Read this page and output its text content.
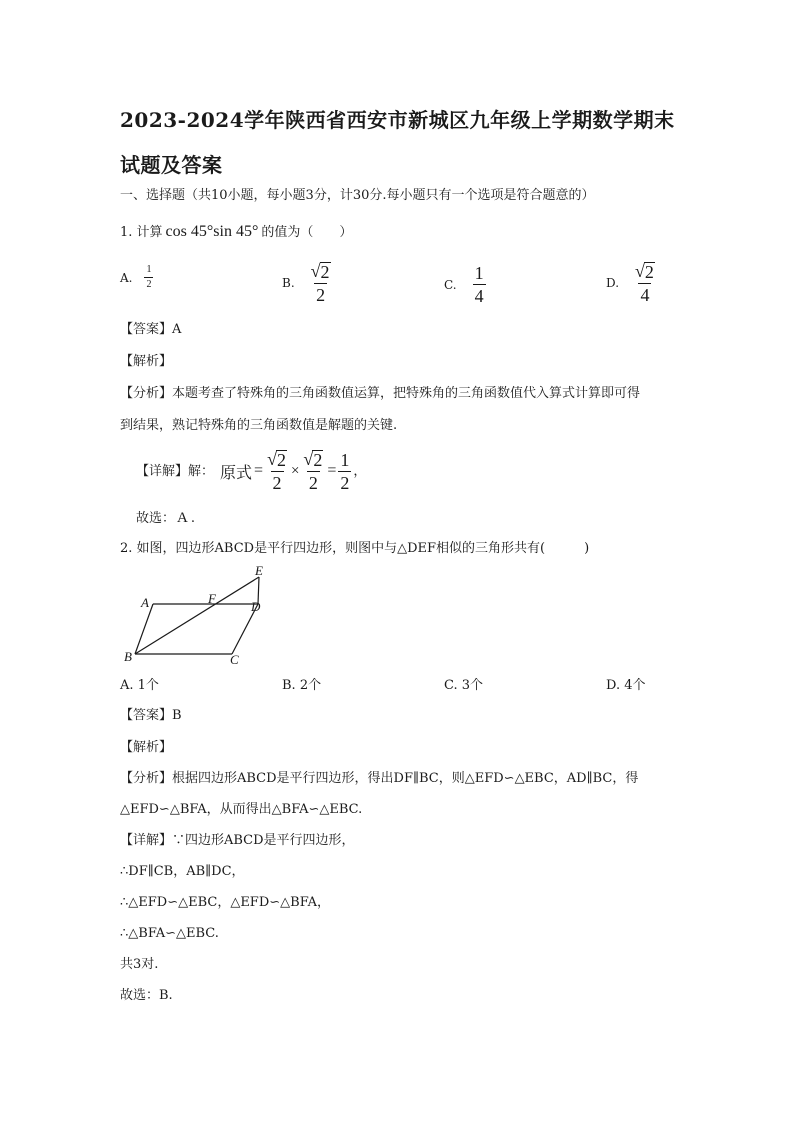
2023-2024学年陕西省西安市新城区九年级上学期数学期末
试题及答案
一、选择题（共10小题，每小题3分，计30分.每小题只有一个选项是符合题意的）
1. 计算 cos 45°sin 45° 的值为（　　）
A. $\frac{1}{2}$	B. $\frac{√ 2}{2}$	C. $\frac{1}{4}$	D. $\frac{√ 2}{4}$
【答案】A
【解析】
【分析】本题考查了特殊角的三角函数值运算，把特殊角的三角函数值代入算式计算即可得
到结果，熟记特殊角的三角函数值是解题的关键.
【详解】解： 原式 = $\frac{√ 2}{2} \times \frac{√ 2}{2} = \frac{1}{2}$ ，
故选： A .
2. 如图，四边形ABCD是平行四边形，则图中与△DEF相似的三角形共有(　　　)
A
B	C
D
E
F
A. 1个	B. 2个	C. 3个	D. 4个
【答案】B
【解析】
【分析】根据四边形ABCD是平行四边形，得出DF∥BC，则△EFD∽△EBC，AD∥BC，得
△EFD∽△BFA，从而得出△BFA∽△EBC.
【详解】∵四边形ABCD是平行四边形，
∴DF∥CB，AB∥DC，
∴△EFD∽△EBC，△EFD∽△BFA，
∴△BFA∽△EBC.
共3对.
故选：B.
